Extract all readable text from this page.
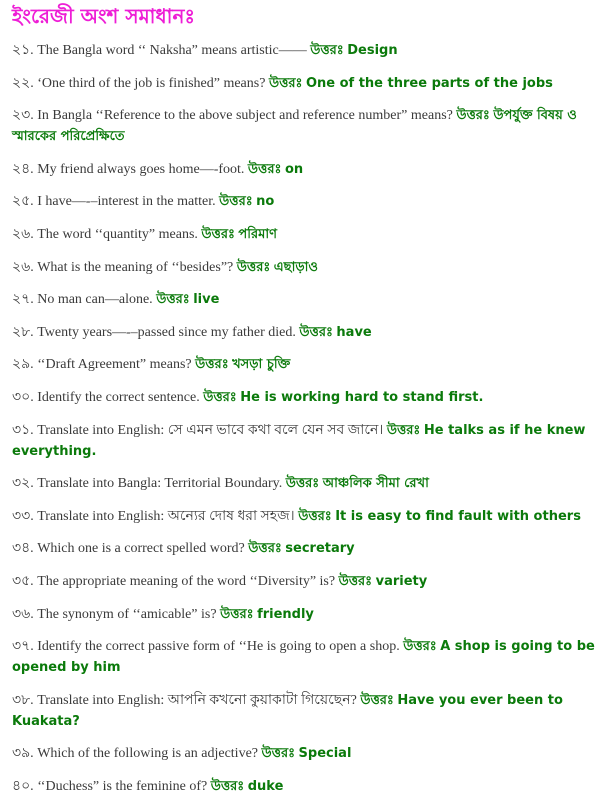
ইংরেজী অংশ সমাধানঃ
২১. The Bangla word ‘‘ Naksha” means artistic—— উত্তরঃ Design
২২. ‘One third of the job is finished” means? উত্তরঃ One of the three parts of the jobs
২৩. In Bangla ‘‘Reference to the above subject and reference number” means? উত্তরঃ উপর্যুক্ত বিষয় ও স্মারকের পরিপ্রেক্ষিতে
২৪. My friend always goes home—-foot. উত্তরঃ on
২৫. I have—-–interest in the matter. উত্তরঃ no
২৬. The word ‘‘quantity” means. উত্তরঃ পরিমাণ
২৬. What is the meaning of ‘‘besides”? উত্তরঃ এছাড়াও
২৭. No man can—alone. উত্তরঃ live
২৮. Twenty years—-–passed since my father died. উত্তরঃ have
২৯. ‘‘Draft Agreement” means? উত্তরঃ খসড়া চুক্তি
৩০. Identify the correct sentence. উত্তরঃ He is working hard to stand first.
৩১. Translate into English: সে এমন ভাবে কথা বলে যেন সব জানে। উত্তরঃ He talks as if he knew everything.
৩২. Translate into Bangla: Territorial Boundary. উত্তরঃ আঞ্চলিক সীমা রেখা
৩৩. Translate into English: অন্যের দোষ ধরা সহজ। উত্তরঃ It is easy to find fault with others
৩৪. Which one is a correct spelled word? উত্তরঃ secretary
৩৫. The appropriate meaning of the word ‘‘Diversity” is? উত্তরঃ variety
৩৬. The synonym of ‘‘amicable” is? উত্তরঃ friendly
৩৭. Identify the correct passive form of ‘‘He is going to open a shop. উত্তরঃ A shop is going to be opened by him
৩৮. Translate into English: আপনি কখনো কুয়াকাটা গিয়েছেন? উত্তরঃ Have you ever been to Kuakata?
৩৯. Which of the following is an adjective? উত্তরঃ Special
৪০. ‘‘Duchess” is the feminine of? উত্তরঃ duke
